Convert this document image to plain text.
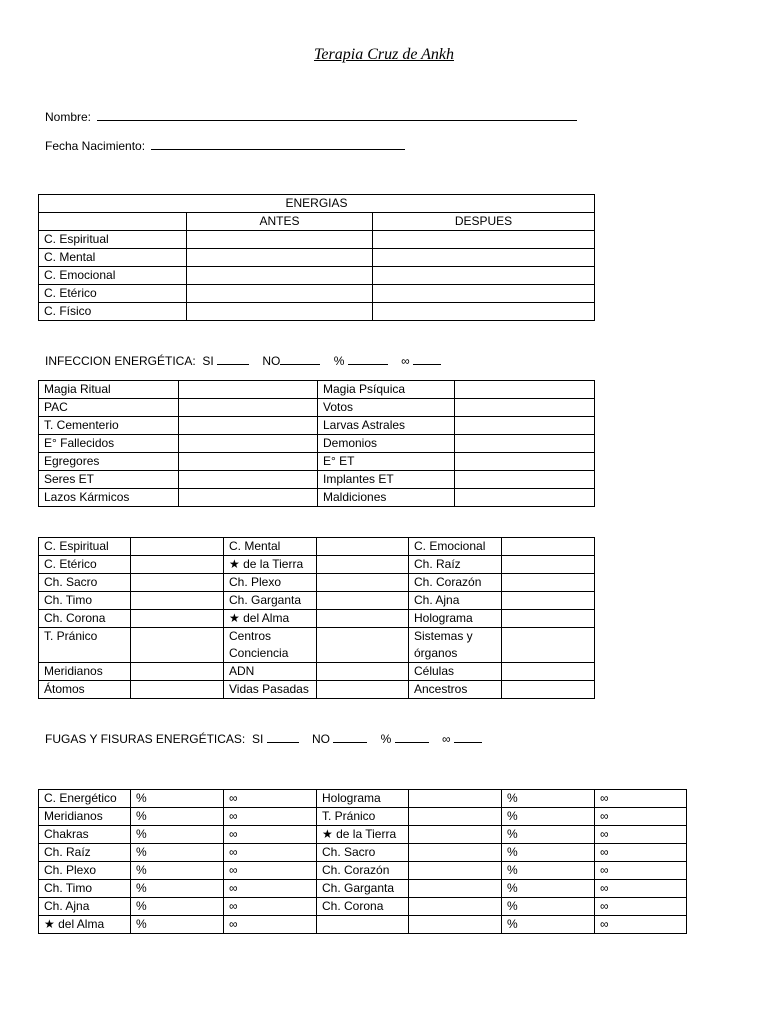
Terapia Cruz de Ankh
Nombre:
Fecha Nacimiento:
ENERGIAS		
	ANTES	DESPUES
C. Espiritual		
C. Mental		
C. Emocional		
C. Etérico		
C. Físico		
INFECCION ENERGÉTICA: SI	NO	%	∞
Magia Ritual		Magia Psíquica	
PAC		Votos	
T. Cementerio		Larvas Astrales	
E° Fallecidos		Demonios	
Egregores		E° ET	
Seres ET		Implantes ET	
Lazos Kármicos		Maldiciones	
C. Espiritual		C. Mental		C. Emocional	
C. Etérico		★ de la Tierra		Ch. Raíz	
Ch. Sacro		Ch. Plexo		Ch. Corazón	
Ch. Timo		Ch. Garganta		Ch. Ajna	
Ch. Corona		★ del Alma		Holograma	
T. Pránico		Centros Conciencia		Sistemas y órganos	
Meridianos		ADN		Células	
Átomos		Vidas Pasadas		Ancestros	
FUGAS Y FISURAS ENERGÉTICAS: SI	NO	%	∞
C. Energético	%	∞	Holograma		%	∞
Meridianos	%	∞	T. Pránico		%	∞
Chakras	%	∞	★ de la Tierra		%	∞
Ch. Raíz	%	∞	Ch. Sacro		%	∞
Ch. Plexo	%	∞	Ch. Corazón		%	∞
Ch. Timo	%	∞	Ch. Garganta		%	∞
Ch. Ajna	%	∞	Ch. Corona		%	∞
★ del Alma	%	∞			%	∞
